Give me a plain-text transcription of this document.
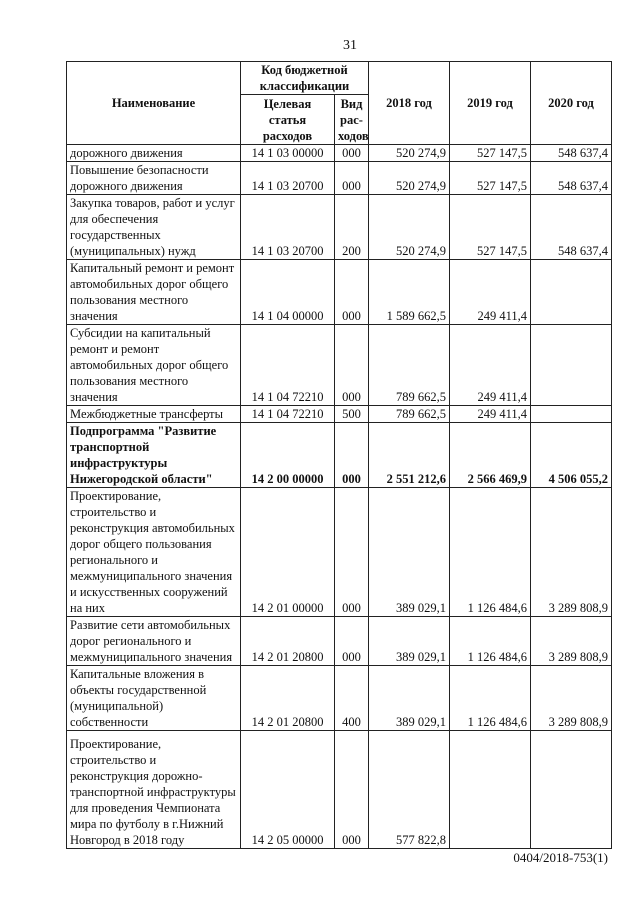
31
Наименование	Код бюджетной классификации		2018 год	2019 год	2020 год
	Целевая статья расходов	Вид рас- ходов			
дорожного движения	14 1 03 00000	000	520 274,9	527 147,5	548 637,4
Повышение безопасности дорожного движения	14 1 03 20700	000	520 274,9	527 147,5	548 637,4
Закупка товаров, работ и услуг для обеспечения государственных (муниципальных) нужд	14 1 03 20700	200	520 274,9	527 147,5	548 637,4
Капитальный ремонт и ремонт автомобильных дорог общего пользования местного значения	14 1 04 00000	000	1 589 662,5	249 411,4	
Субсидии на капитальный ремонт и ремонт автомобильных дорог общего пользования местного значения	14 1 04 72210	000	789 662,5	249 411,4	
Межбюджетные трансферты	14 1 04 72210	500	789 662,5	249 411,4	
Подпрограмма "Развитие транспортной инфраструктуры Нижегородской области"	14 2 00 00000	000	2 551 212,6	2 566 469,9	4 506 055,2
Проектирование, строительство и реконструкция автомобильных дорог общего пользования регионального и межмуниципального значения и искусственных сооружений на них	14 2 01 00000	000	389 029,1	1 126 484,6	3 289 808,9
Развитие сети автомобильных дорог регионального и межмуниципального значения	14 2 01 20800	000	389 029,1	1 126 484,6	3 289 808,9
Капитальные вложения в объекты государственной (муниципальной) собственности	14 2 01 20800	400	389 029,1	1 126 484,6	3 289 808,9
Проектирование, строительство и реконструкция дорожно-транспортной инфраструктуры для проведения Чемпионата мира по футболу в г.Нижний Новгород в 2018 году	14 2 05 00000	000	577 822,8		
0404/2018-753(1)
